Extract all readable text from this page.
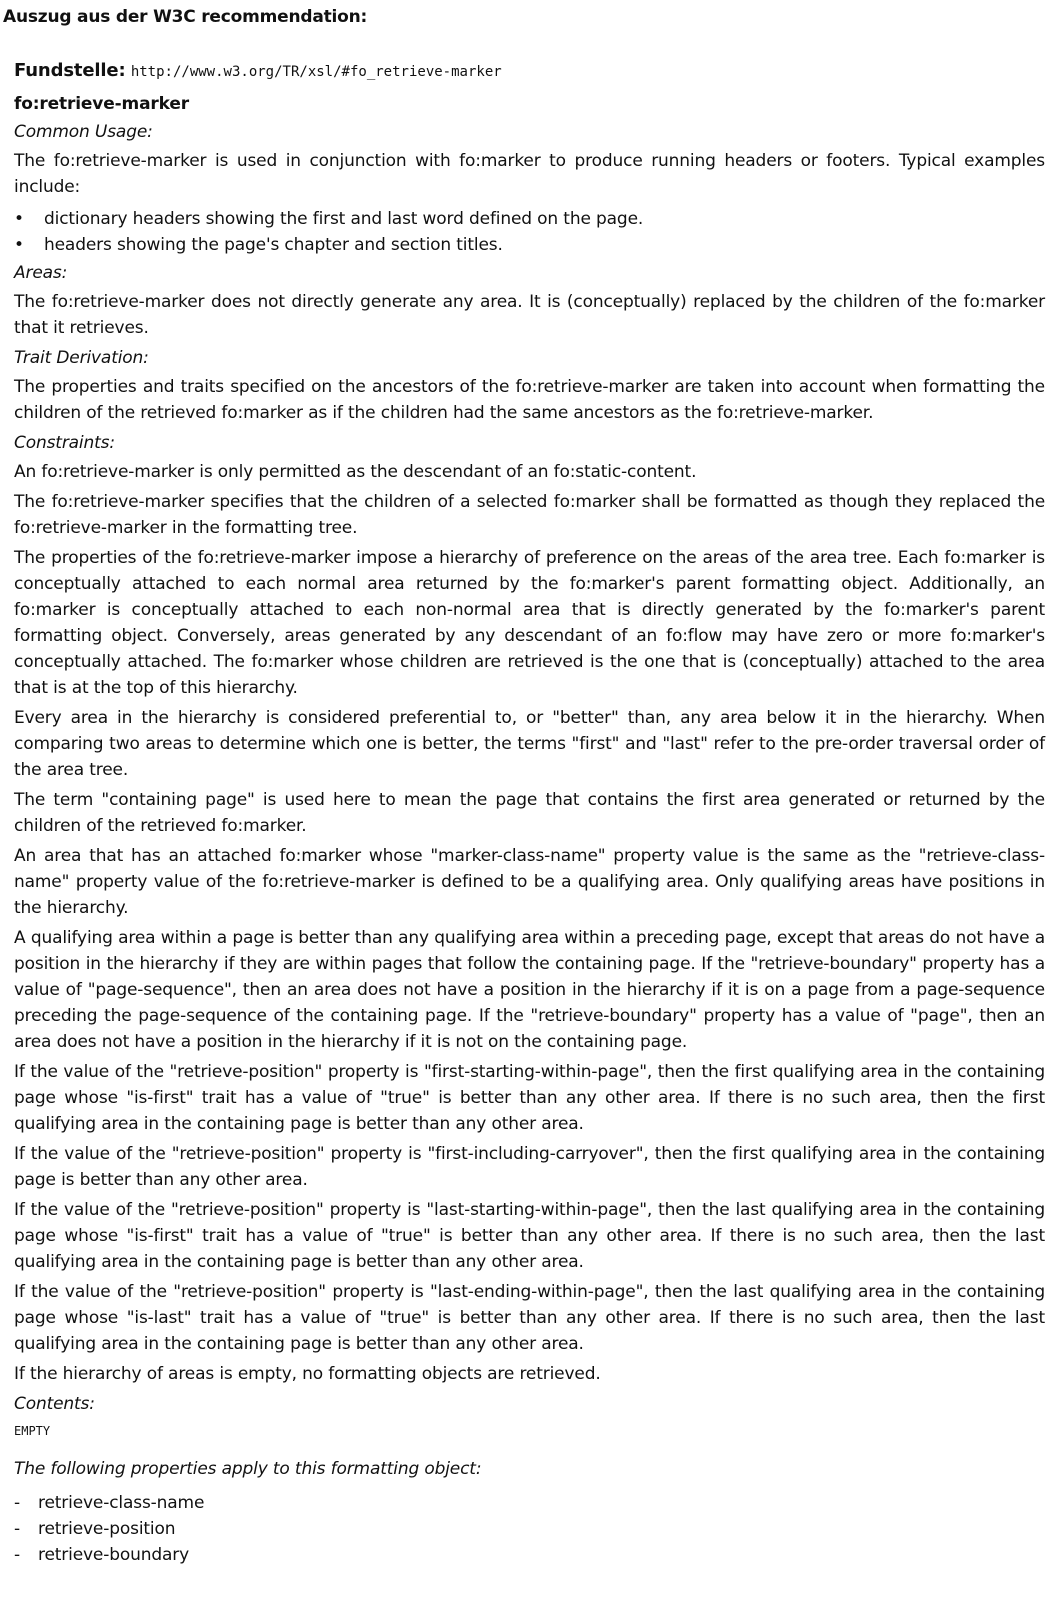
Auszug aus der W3C recommendation:
Fundstelle: http://www.w3.org/TR/xsl/#fo_retrieve-marker
fo:retrieve-marker
Common Usage:

The fo:retrieve-marker is used in conjunction with fo:marker to produce running headers or footers. Typical examples include:

• dictionary headers showing the first and last word defined on the page.
• headers showing the page's chapter and section titles.
Areas:

The fo:retrieve-marker does not directly generate any area. It is (conceptually) replaced by the children of the fo:marker that it retrieves.

Trait Derivation:

The properties and traits specified on the ancestors of the fo:retrieve-marker are taken into account when formatting the children of the retrieved fo:marker as if the children had the same ancestors as the fo:retrieve-marker.

Constraints:

An fo:retrieve-marker is only permitted as the descendant of an fo:static-content.

The fo:retrieve-marker specifies that the children of a selected fo:marker shall be formatted as though they replaced the fo:retrieve-marker in the formatting tree.

The properties of the fo:retrieve-marker impose a hierarchy of preference on the areas of the area tree. Each fo:marker is conceptually attached to each normal area returned by the fo:marker's parent formatting object. Additionally, an fo:marker is conceptually attached to each non-normal area that is directly generated by the fo:marker's parent formatting object. Conversely, areas generated by any descendant of an fo:flow may have zero or more fo:marker's conceptually attached. The fo:marker whose children are retrieved is the one that is (conceptually) attached to the area that is at the top of this hierarchy.

Every area in the hierarchy is considered preferential to, or "better" than, any area below it in the hierarchy. When comparing two areas to determine which one is better, the terms "first" and "last" refer to the pre-order traversal order of the area tree.

The term "containing page" is used here to mean the page that contains the first area generated or returned by the children of the retrieved fo:marker.

An area that has an attached fo:marker whose "marker-class-name" property value is the same as the "retrieve-class-name" property value of the fo:retrieve-marker is defined to be a qualifying area. Only qualifying areas have positions in the hierarchy.

A qualifying area within a page is better than any qualifying area within a preceding page, except that areas do not have a position in the hierarchy if they are within pages that follow the containing page. If the "retrieve-boundary" property has a value of "page-sequence", then an area does not have a position in the hierarchy if it is on a page from a page-sequence preceding the page-sequence of the containing page. If the "retrieve-boundary" property has a value of "page", then an area does not have a position in the hierarchy if it is not on the containing page.

If the value of the "retrieve-position" property is "first-starting-within-page", then the first qualifying area in the containing page whose "is-first" trait has a value of "true" is better than any other area. If there is no such area, then the first qualifying area in the containing page is better than any other area.

If the value of the "retrieve-position" property is "first-including-carryover", then the first qualifying area in the containing page is better than any other area.

If the value of the "retrieve-position" property is "last-starting-within-page", then the last qualifying area in the containing page whose "is-first" trait has a value of "true" is better than any other area. If there is no such area, then the last qualifying area in the containing page is better than any other area.

If the value of the "retrieve-position" property is "last-ending-within-page", then the last qualifying area in the containing page whose "is-last" trait has a value of "true" is better than any other area. If there is no such area, then the last qualifying area in the containing page is better than any other area.

If the hierarchy of areas is empty, no formatting objects are retrieved.

Contents:
EMPTY
The following properties apply to this formatting object:
- retrieve-class-name
- retrieve-position
- retrieve-boundary
